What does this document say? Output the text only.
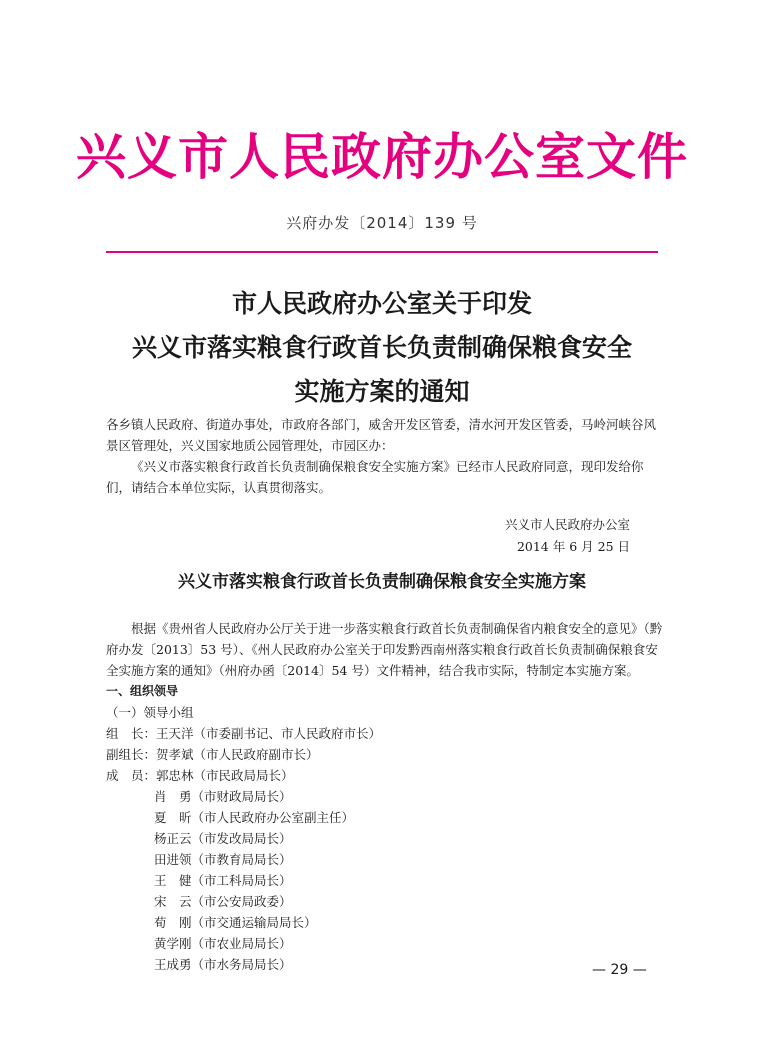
兴义市人民政府办公室文件
兴府办发〔2014〕139 号
市人民政府办公室关于印发
兴义市落实粮食行政首长负责制确保粮食安全
实施方案的通知

各乡镇人民政府、街道办事处，市政府各部门，威舍开发区管委，清水河开发区管委，马岭河峡谷风景区管理处，兴义国家地质公园管理处，市园区办：

《兴义市落实粮食行政首长负责制确保粮食安全实施方案》已经市人民政府同意，现印发给你们，请结合本单位实际，认真贯彻落实。

兴义市人民政府办公室
2014 年 6 月 25 日
兴义市落实粮食行政首长负责制确保粮食安全实施方案

根据《贵州省人民政府办公厅关于进一步落实粮食行政首长负责制确保省内粮食安全的意见》（黔府办发〔2013〕53 号）、《州人民政府办公室关于印发黔西南州落实粮食行政首长负责制确保粮食安全实施方案的通知》（州府办函〔2014〕54 号）文件精神，结合我市实际，特制定本实施方案。

一、组织领导

（一）领导小组

组　长：王天洋（市委副书记、市人民政府市长）

副组长：贺孝斌（市人民政府副市长）

成　员：郭忠林（市民政局局长）

肖　勇（市财政局局长）

夏　昕（市人民政府办公室副主任）

杨正云（市发改局局长）

田进领（市教育局局长）

王　健（市工科局局长）

宋　云（市公安局政委）

荀　刚（市交通运输局局长）

黄学刚（市农业局局长）

王成勇（市水务局局长）	— 29 —
